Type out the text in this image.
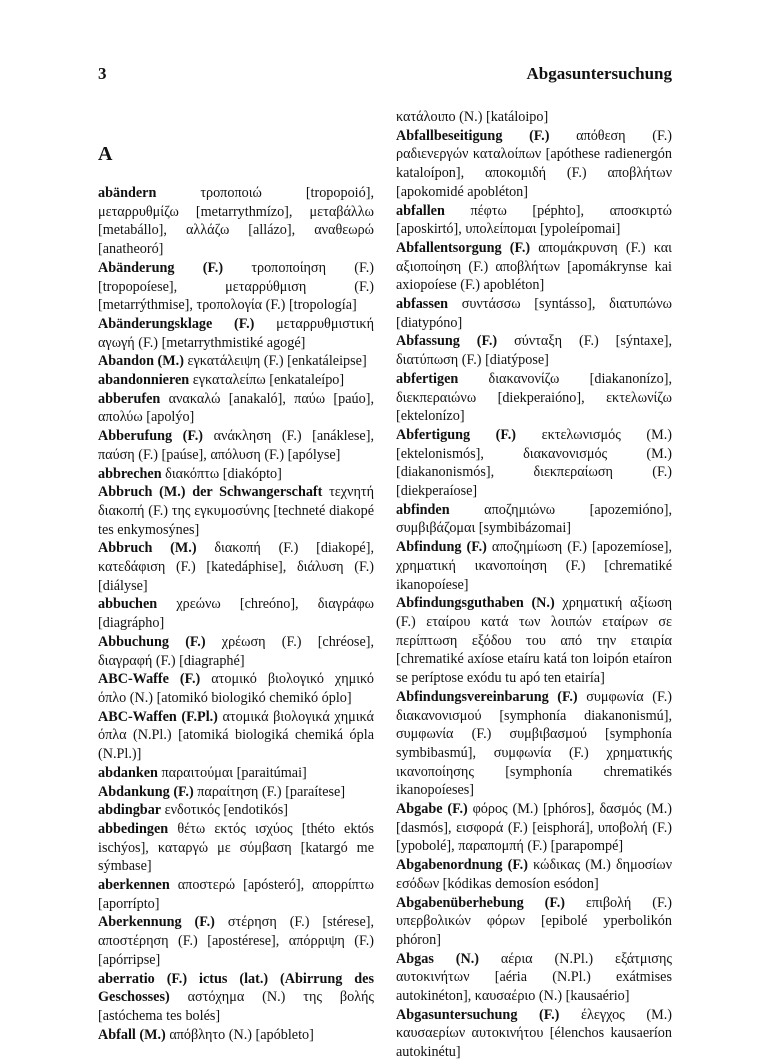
3	Abgasuntersuchung
A

abändern	τροποποιώ [tropopoió], μεταρρυθμίζω [metarrythmízo], μεταβάλλω [metabállo], αλλάζω [allázo], αναθεωρώ [anatheoró]

Abänderung (F.) τροποποίηση (F.) [tropopoíese], μεταρρύθμιση (F.) [metarrýthmise], τροπολογία (F.) [tropología]

Abänderungsklage (F.) μεταρρυθμιστική αγωγή (F.) [metarrythmistiké agogé]

Abandon (M.) εγκατάλειψη (F.) [enkatáleipse]

abandonnieren εγκαταλείπω [enkataleípo]

abberufen ανακαλώ [anakaló], παύω [paúo], απολύω [apolýo]

Abberufung (F.) ανάκληση (F.) [anáklese], παύση (F.) [paúse], απόλυση (F.) [apólyse]

abbrechen διακόπτω [diakópto]

Abbruch (M.) der Schwangerschaft τεχνητή διακοπή (F.) της εγκυμοσύνης [techneté diakopé tes enkymosýnes]

Abbruch (M.) διακοπή (F.) [diakopé], κατεδάφιση (F.) [katedáphise], διάλυση (F.) [diályse]

abbuchen χρεώνω [chreóno], διαγράφω [diagrápho]

Abbuchung (F.) χρέωση (F.) [chréose], διαγραφή (F.) [diagraphé]

ABC-Waffe (F.) ατομικό βιολογικό χημικό όπλο (N.) [atomikó biologikó chemikó óplo]

ABC-Waffen (F.Pl.) ατομικά βιολογικά χημικά όπλα (N.Pl.) [atomiká biologiká chemiká ópla (N.Pl.)]

abdanken παραιτούμαι [paraitúmai]

Abdankung (F.) παραίτηση (F.) [paraítese]

abdingbar ενδοτικός [endotikós]

abbedingen θέτω εκτός ισχύος [théto ektós ischýos], καταργώ με σύμβαση [katargó me sýmbase]

aberkennen αποστερώ [apósteró], απορρίπτω [aporrípto]

Aberkennung (F.) στέρηση (F.) [stérese], αποστέρηση (F.) [apostérese], απόρριψη (F.) [apórripse]

aberratio (F.) ictus (lat.) (Abirrung des Geschosses) αστόχημα (N.) της βολής [astóchema tes bolés]

Abfall (M.) απόβλητο (N.) [apóbleto]

κατάλοιπο (N.) [katáloipo]

Abfallbeseitigung (F.) απόθεση (F.) ραδιενεργών καταλοίπων [apóthese radienergón kataloípon], αποκομιδή (F.) αποβλήτων [apokomidé apobléton]

abfallen πέφτω [péphto], αποσκιρτώ [aposkirtó], υπολείπομαι [ypoleípomai]

Abfallentsorgung (F.) απομάκρυνση (F.) και αξιοποίηση (F.) αποβλήτων [apomákrynse kai axiopoíese (F.) apobléton]

abfassen συντάσσω [syntásso], διατυπώνω [diatypóno]

Abfassung (F.) σύνταξη (F.) [sýntaxe], διατύπωση (F.) [diatýpose]

abfertigen διακανονίζω [diakanonízo], διεκπεραιώνω [diekperaióno], εκτελωνίζω [ektelonízo]

Abfertigung (F.) εκτελωνισμός (M.) [ektelonismós], διακανονισμός (M.) [diakanonismós], διεκπεραίωση (F.) [diekperaíose]

abfinden αποζημιώνω [apozemióno], συμβιβάζομαι [symbibázomai]

Abfindung (F.) αποζημίωση (F.) [apozemíose], χρηματική ικανοποίηση (F.) [chrematiké ikanopoíese]

Abfindungsguthaben (N.) χρηματική αξίωση (F.) εταίρου κατά των λοιπών εταίρων σε περίπτωση εξόδου του από την εταιρία [chrematiké axíose etaíru katá ton loipón etaíron se períptose exódu tu apó ten etairía]

Abfindungsvereinbarung (F.) συμφωνία (F.) διακανονισμού [symphonía diakanonismú], συμφωνία (F.) συμβιβασμού [symphonía symbibasmú], συμφωνία (F.) χρηματικής ικανοποίησης [symphonía chrematikés ikanopoíeses]

Abgabe (F.) φόρος (M.) [phóros], δασμός (M.) [dasmós], εισφορά (F.) [eisphorá], υποβολή (F.) [ypobolé], παραπομπή (F.) [parapompé]

Abgabenordnung (F.) κώδικας (M.) δημοσίων εσόδων [kódikas demosíon esódon]

Abgabenüberhebung (F.) επιβολή (F.) υπερβολικών φόρων [epibolé yperbolikón phóron]

Abgas (N.) αέρια (N.Pl.) εξάτμισης αυτοκινήτων [aéria (N.Pl.) exátmises autokinéton], καυσαέριο (N.) [kausaério]

Abgasuntersuchung (F.) έλεγχος (M.) καυσαερίων αυτοκινήτου [élenchos kausaeríon autokinétu]
